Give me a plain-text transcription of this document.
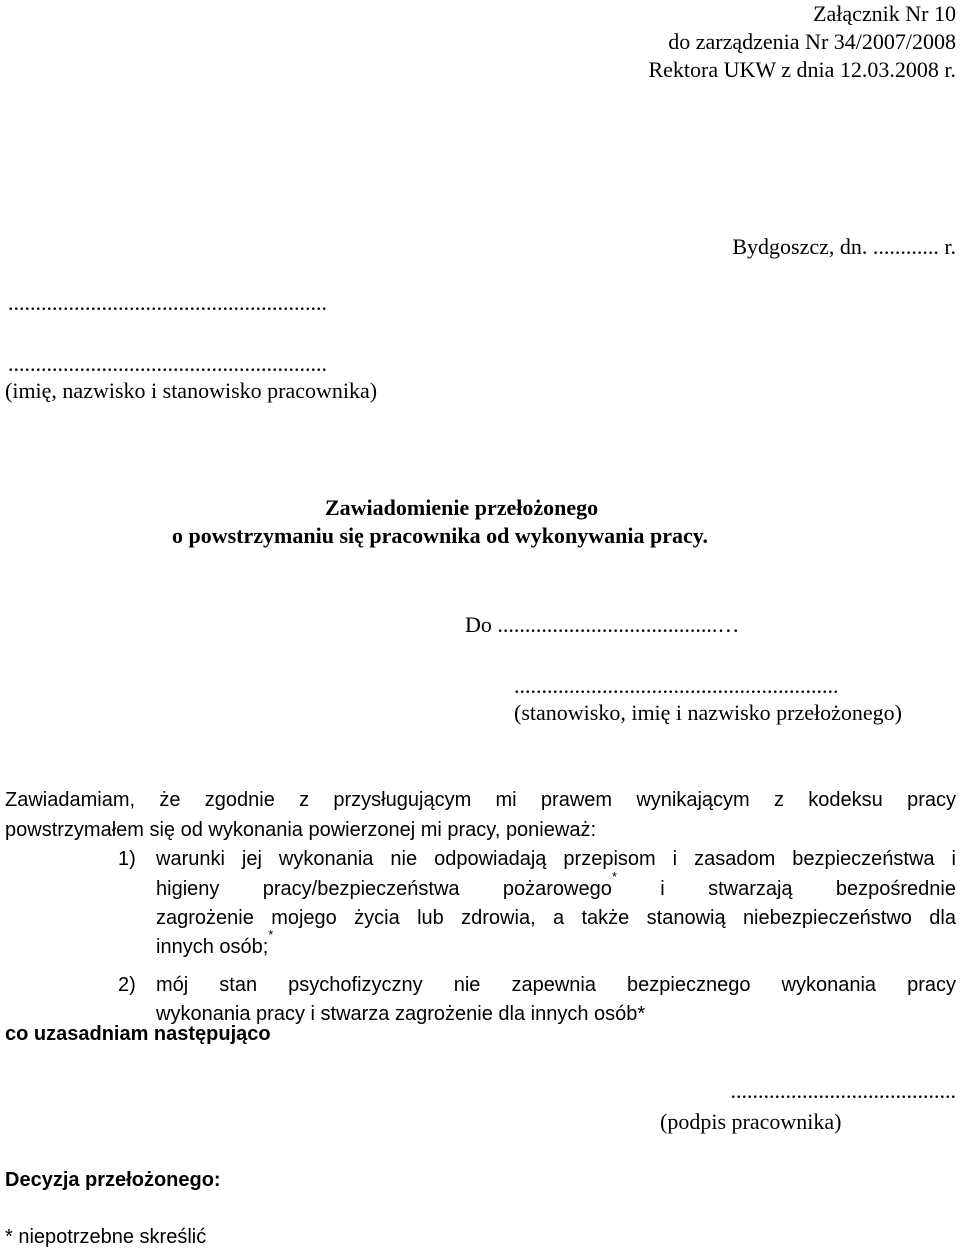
Załącznik Nr 10
do zarządzenia Nr 34/2007/2008
Rektora UKW z dnia 12.03.2008 r.
Bydgoszcz, dn. ............ r.
..........................................................
..........................................................
(imię, nazwisko i stanowisko pracownika)
Zawiadomienie przełożonego
o powstrzymaniu się pracownika od wykonywania pracy.
Do ........................................…
...........................................................
(stanowisko, imię i nazwisko przełożonego)
Zawiadamiam, że zgodnie z przysługującym mi prawem wynikającym z kodeksu pracy
powstrzymałem się od wykonania powierzonej mi pracy, ponieważ:
1) warunki jej wykonania nie odpowiadają przepisom i zasadom bezpieczeństwa i
higieny pracy/bezpieczeństwa pożarowego* i stwarzają bezpośrednie
zagrożenie mojego życia lub zdrowia, a także stanowią niebezpieczeństwo dla
innych osób;*
2) mój stan psychofizyczny nie zapewnia bezpiecznego wykonania pracy
wykonania pracy i stwarza zagrożenie dla innych osób*
co uzasadniam następująco
.........................................
(podpis pracownika)
Decyzja przełożonego:
* niepotrzebne skreślić
